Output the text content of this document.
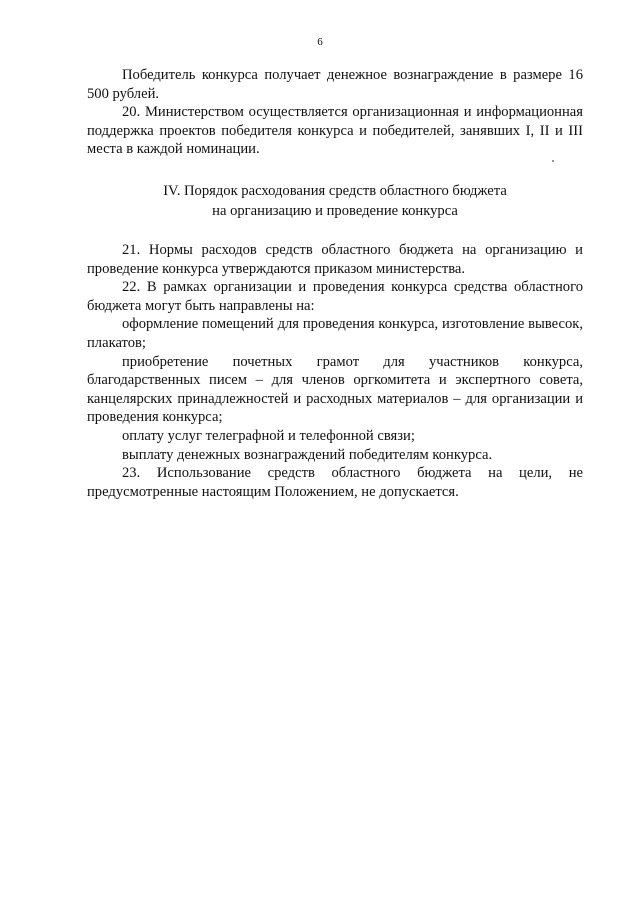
6

Победитель конкурса получает денежное вознаграждение в размере 16 500 рублей.

20. Министерством осуществляется организационная и информационная поддержка проектов победителя конкурса и победителей, занявших I, II и III места в каждой номинации.

IV. Порядок расходования средств областного бюджета
на организацию и проведение конкурса

21. Нормы расходов средств областного бюджета на организацию и проведение конкурса утверждаются приказом министерства.

22. В рамках организации и проведения конкурса средства областного бюджета могут быть направлены на:

оформление помещений для проведения конкурса, изготовление вывесок, плакатов;

приобретение почетных грамот для участников конкурса, благодарственных писем – для членов оргкомитета и экспертного совета, канцелярских принадлежностей и расходных материалов – для организации и проведения конкурса;

оплату услуг телеграфной и телефонной связи;

выплату денежных вознаграждений победителям конкурса.

23. Использование средств областного бюджета на цели, не предусмотренные настоящим Положением, не допускается.
